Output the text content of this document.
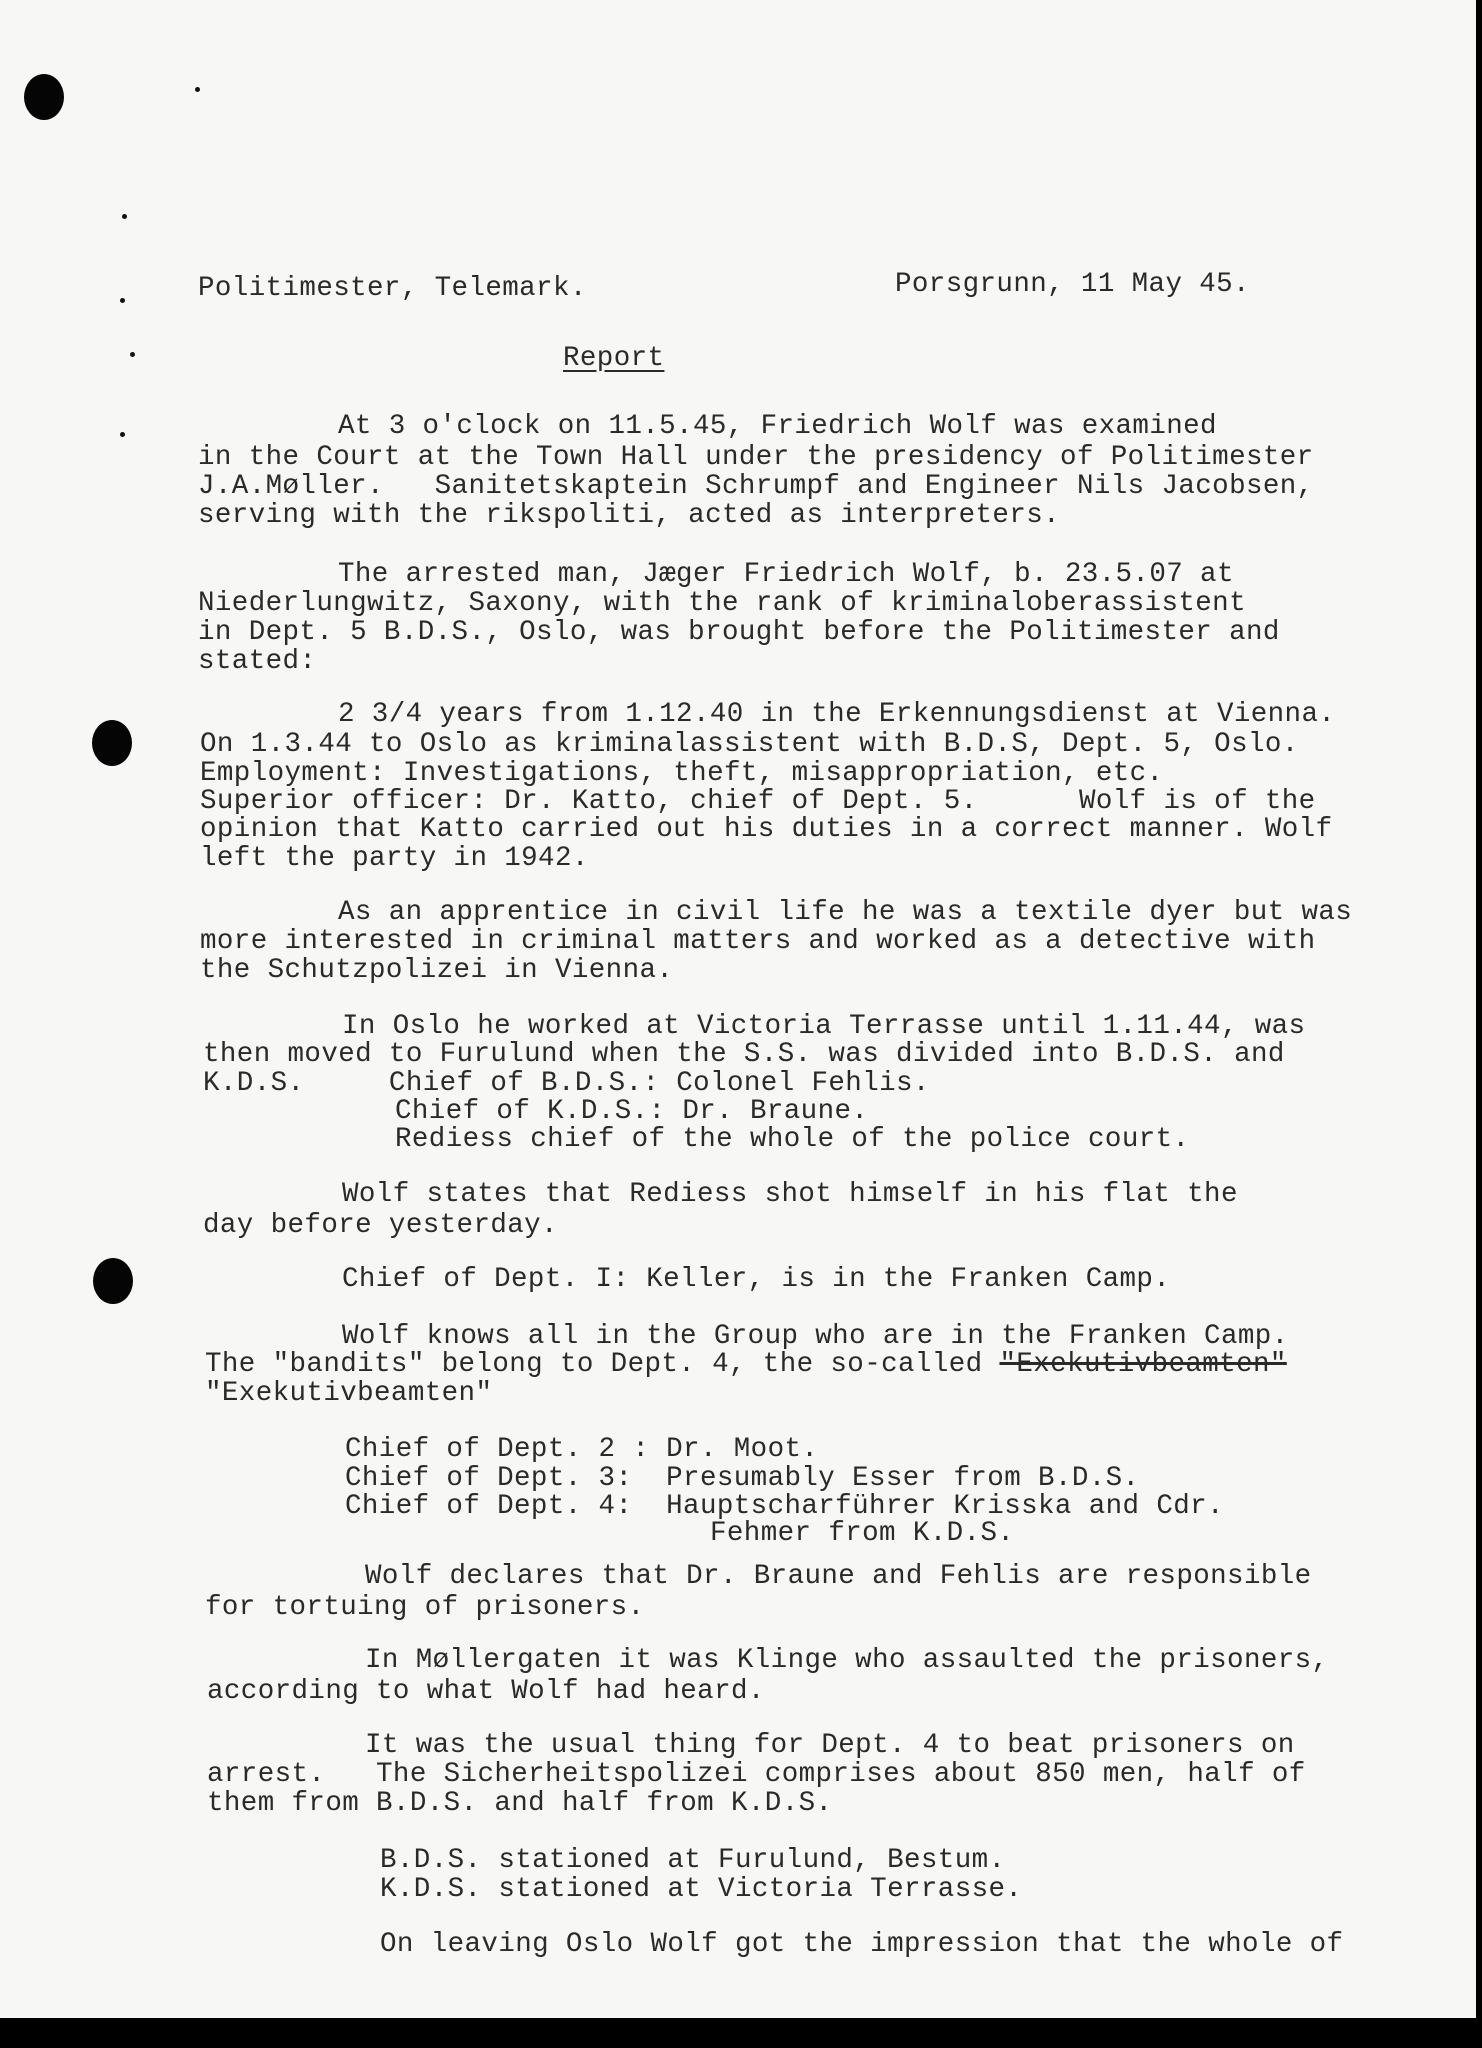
Politimester, Telemark.	Porsgrunn, 11 May 45.
Report
At 3 o'clock on 11.5.45, Friedrich Wolf was examined
in the Court at the Town Hall under the presidency of Politimester
J.A.Møller.   Sanitetskaptein Schrumpf and Engineer Nils Jacobsen,
serving with the rikspoliti, acted as interpreters.
The arrested man, Jæger Friedrich Wolf, b. 23.5.07 at
Niederlungwitz, Saxony, with the rank of kriminaloberassistent
in Dept. 5 B.D.S., Oslo, was brought before the Politimester and
stated:
2 3/4 years from 1.12.40 in the Erkennungsdienst at Vienna.
On 1.3.44 to Oslo as kriminalassistent with B.D.S, Dept. 5, Oslo.
Employment: Investigations, theft, misappropriation, etc.
Superior officer: Dr. Katto, chief of Dept. 5.      Wolf is of the
opinion that Katto carried out his duties in a correct manner. Wolf
left the party in 1942.
As an apprentice in civil life he was a textile dyer but was
more interested in criminal matters and worked as a detective with
the Schutzpolizei in Vienna.
In Oslo he worked at Victoria Terrasse until 1.11.44, was
then moved to Furulund when the S.S. was divided into B.D.S. and
K.D.S.     Chief of B.D.S.: Colonel Fehlis.
Chief of K.D.S.: Dr. Braune.
Rediess chief of the whole of the police court.
Wolf states that Rediess shot himself in his flat the
day before yesterday.
Chief of Dept. I: Keller, is in the Franken Camp.
Wolf knows all in the Group who are in the Franken Camp.
The "bandits" belong to Dept. 4, the so-called "Exekutivbeamten"
"Exekutivbeamten"
Chief of Dept. 2 : Dr. Moot.
Chief of Dept. 3:  Presumably Esser from B.D.S.
Chief of Dept. 4:  Hauptscharführer Krisska and Cdr.
Fehmer from K.D.S.
Wolf declares that Dr. Braune and Fehlis are responsible
for tortuing of prisoners.
In Møllergaten it was Klinge who assaulted the prisoners,
according to what Wolf had heard.
It was the usual thing for Dept. 4 to beat prisoners on
arrest.   The Sicherheitspolizei comprises about 850 men, half of
them from B.D.S. and half from K.D.S.
B.D.S. stationed at Furulund, Bestum.
K.D.S. stationed at Victoria Terrasse.
On leaving Oslo Wolf got the impression that the whole of
